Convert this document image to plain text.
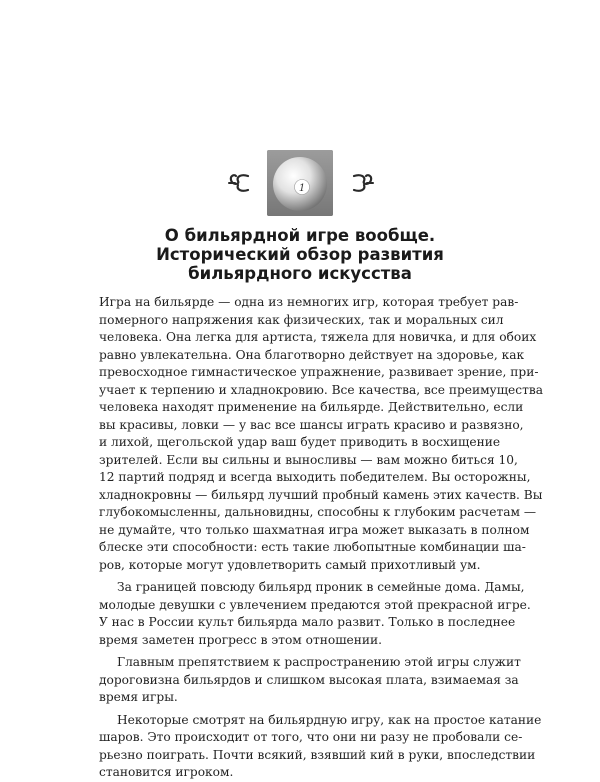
1
О бильярдной игре вообще.
Исторический обзор развития
бильярдного искусства
Игра на бильярде — одна из немногих игр, которая требует рав-
померного напряжения как физических, так и моральных сил
человека. Она легка для артиста, тяжела для новичка, и для обоих
равно увлекательна. Она благотворно действует на здоровье, как
превосходное гимнастическое упражнение, развивает зрение, при-
учает к терпению и хладнокровию. Все качества, все преимущества
человека находят применение на бильярде. Действительно, если
вы красивы, ловки — у вас все шансы играть красиво и развязно,
и лихой, щегольской удар ваш будет приводить в восхищение
зрителей. Если вы сильны и выносливы — вам можно биться 10,
12 партий подряд и всегда выходить победителем. Вы осторожны,
хладнокровны — бильярд лучший пробный камень этих качеств. Вы
глубокомысленны, дальновидны, способны к глубоким расчетам —
не думайте, что только шахматная игра может выказать в полном
блеске эти способности: есть такие любопытные комбинации ша-
ров, которые могут удовлетворить самый прихотливый ум.
За границей повсюду бильярд проник в семейные дома. Дамы,
молодые девушки с увлечением предаются этой прекрасной игре.
У нас в России культ бильярда мало развит. Только в последнее
время заметен прогресс в этом отношении.
Главным препятствием к распространению этой игры служит
дороговизна бильярдов и слишком высокая плата, взимаемая за
время игры.
Некоторые смотрят на бильярдную игру, как на простое катание
шаров. Это происходит от того, что они ни разу не пробовали се-
рьезно поиграть. Почти всякий, взявший кий в руки, впоследствии
становится игроком.
